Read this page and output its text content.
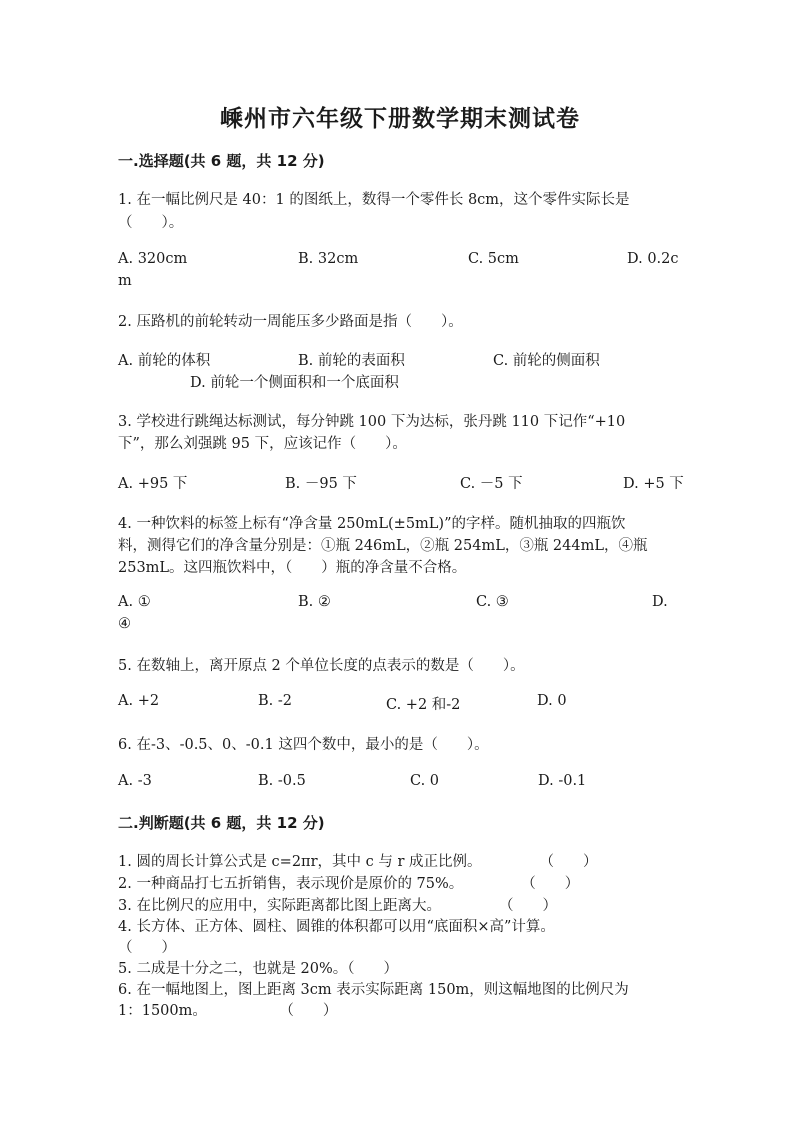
嵊州市六年级下册数学期末测试卷
一.选择题(共 6 题，共 12 分)
1. 在一幅比例尺是 40：1 的图纸上，数得一个零件长 8cm，这个零件实际长是
（　　）。
A. 320cm	B. 32cm	C. 5cm	D. 0.2c
m
2. 压路机的前轮转动一周能压多少路面是指（　　）。
A. 前轮的体积	B. 前轮的表面积	C. 前轮的侧面积
D. 前轮一个侧面积和一个底面积
3. 学校进行跳绳达标测试，每分钟跳 100 下为达标，张丹跳 110 下记作“+10
下”，那么刘强跳 95 下，应该记作（　　）。
A. +95 下	B. －95 下	C. －5 下	D. +5 下
4. 一种饮料的标签上标有“净含量 250mL(±5mL)”的字样。随机抽取的四瓶饮
料，测得它们的净含量分别是：①瓶 246mL，②瓶 254mL，③瓶 244mL，④瓶
253mL。这四瓶饮料中，（　　）瓶的净含量不合格。
A. ①	B. ②	C. ③	D.
④
5. 在数轴上，离开原点 2 个单位长度的点表示的数是（　　）。
A. +2	B. -2	C. +2 和-2	D. 0
6. 在-3、-0.5、0、-0.1 这四个数中，最小的是（　　）。
A. -3	B. -0.5	C. 0	D. -0.1
二.判断题(共 6 题，共 12 分)
1. 圆的周长计算公式是 c=2πr，其中 c 与 r 成正比例。　　　　　（　　）
2. 一种商品打七五折销售，表示现价是原价的 75%。　　　　　（　　）
3. 在比例尺的应用中，实际距离都比图上距离大。　　　　　（　　）
4. 长方体、正方体、圆柱、圆锥的体积都可以用“底面积×高”计算。
（　　）
5. 二成是十分之二，也就是 20%。（　　）
6. 在一幅地图上，图上距离 3cm 表示实际距离 150m，则这幅地图的比例尺为
1：1500m。　　　　　　（　　）
